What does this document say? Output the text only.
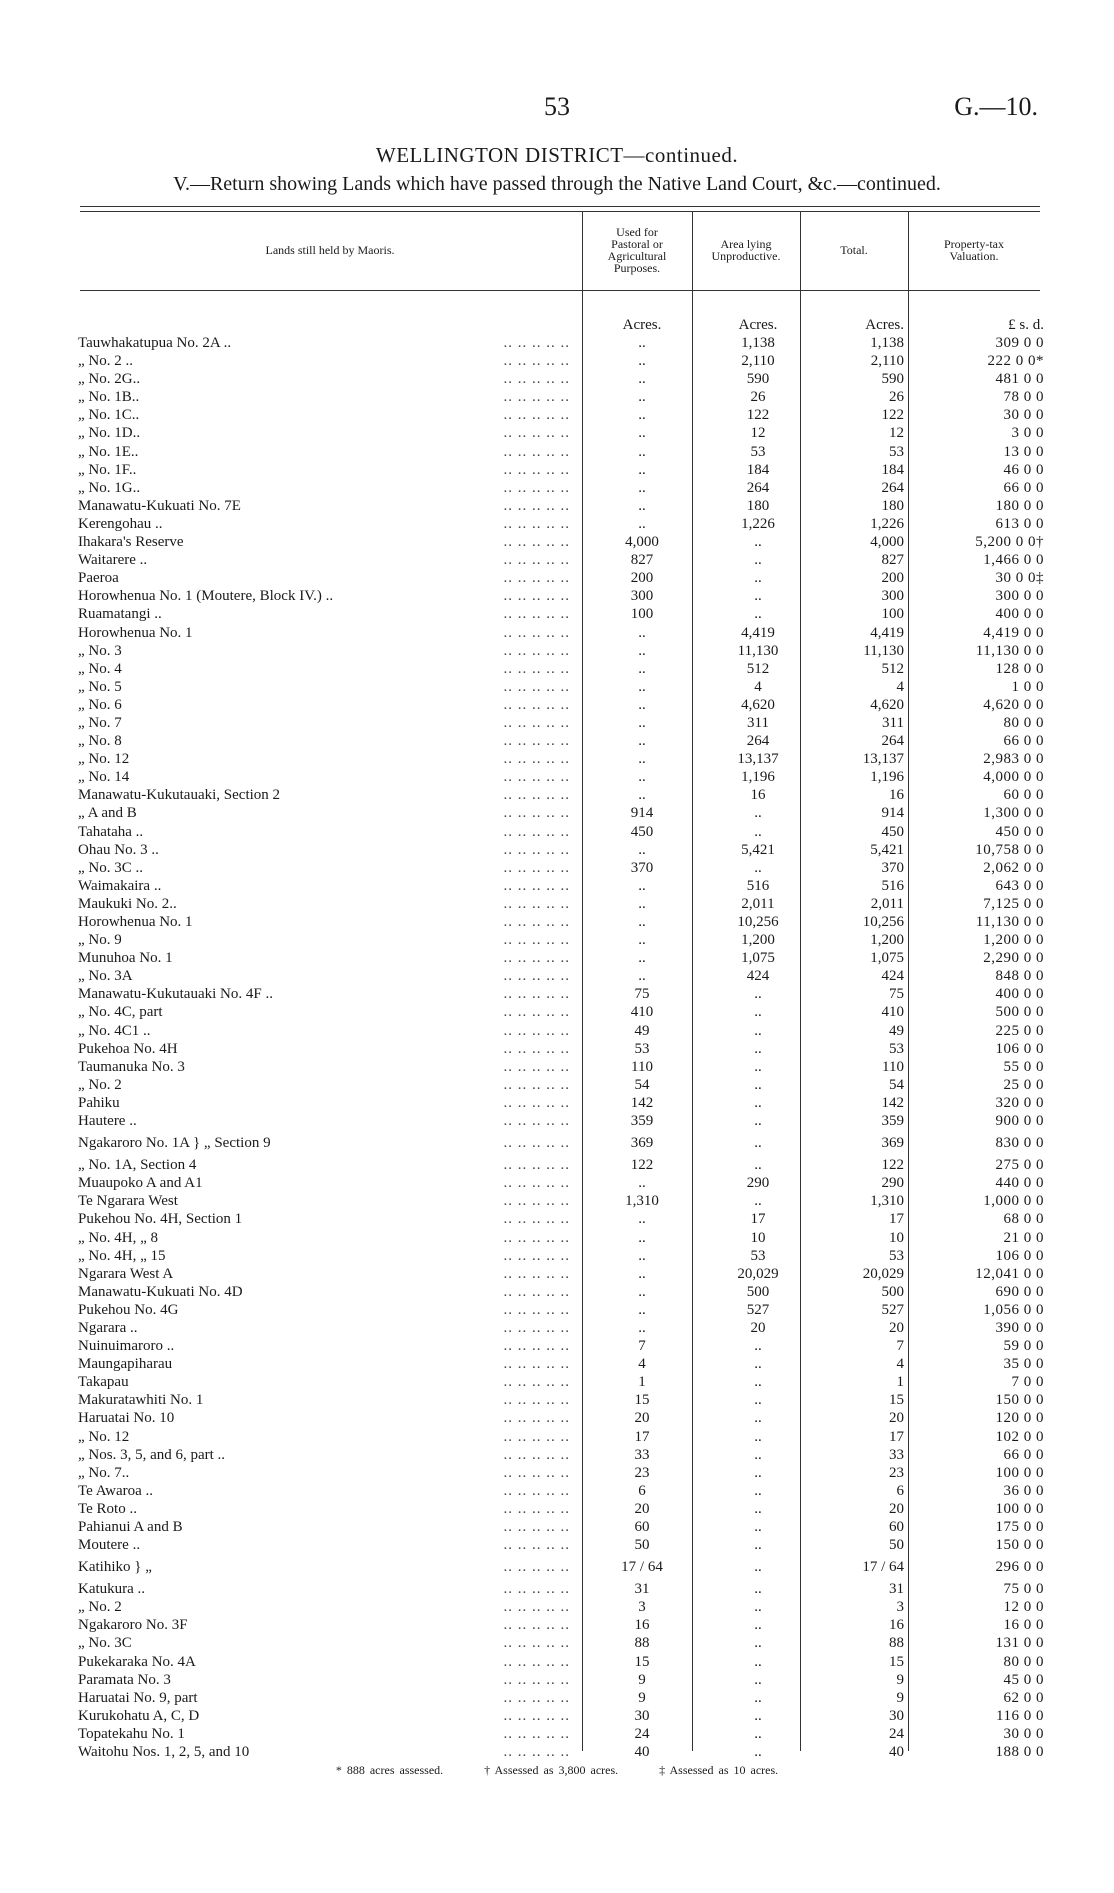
53	G.—10.
WELLINGTON DISTRICT—continued.
V.—Return showing Lands which have passed through the Native Land Court, &c.—continued.
Lands still held by Maoris.
Used for
Pastoral or
Agricultural
Purposes.
Area lying
Unproductive.	Total.	Property-tax
Valuation.
Acres.	Acres.	Acres.	£ s. d.
Tauwhakatupua No. 2A ..	.. .. .. .. ..	..	1,138	1,138	309 0 0
„ No. 2 ..	.. .. .. .. ..	..	2,110	2,110	222 0 0*
„ No. 2G..	.. .. .. .. ..	..	590	590	481 0 0
„ No. 1B..	.. .. .. .. ..	..	26	26	78 0 0
„ No. 1C..	.. .. .. .. ..	..	122	122	30 0 0
„ No. 1D..	.. .. .. .. ..	..	12	12	3 0 0
„ No. 1E..	.. .. .. .. ..	..	53	53	13 0 0
„ No. 1F..	.. .. .. .. ..	..	184	184	46 0 0
„ No. 1G..	.. .. .. .. ..	..	264	264	66 0 0
Manawatu-Kukuati No. 7E	.. .. .. .. ..	..	180	180	180 0 0
Kerengohau ..	.. .. .. .. ..	..	1,226	1,226	613 0 0
Ihakara's Reserve	.. .. .. .. ..	4,000	..	4,000	5,200 0 0†
Waitarere ..	.. .. .. .. ..	827	..	827	1,466 0 0
Paeroa	.. .. .. .. ..	200	..	200	30 0 0‡
Horowhenua No. 1 (Moutere, Block IV.) ..	.. .. .. .. ..	300	..	300	300 0 0
Ruamatangi ..	.. .. .. .. ..	100	..	100	400 0 0
Horowhenua No. 1	.. .. .. .. ..	..	4,419	4,419	4,419 0 0
„ No. 3	.. .. .. .. ..	..	11,130	11,130	11,130 0 0
„ No. 4	.. .. .. .. ..	..	512	512	128 0 0
„ No. 5	.. .. .. .. ..	..	4	4	1 0 0
„ No. 6	.. .. .. .. ..	..	4,620	4,620	4,620 0 0
„ No. 7	.. .. .. .. ..	..	311	311	80 0 0
„ No. 8	.. .. .. .. ..	..	264	264	66 0 0
„ No. 12	.. .. .. .. ..	..	13,137	13,137	2,983 0 0
„ No. 14	.. .. .. .. ..	..	1,196	1,196	4,000 0 0
Manawatu-Kukutauaki, Section 2	.. .. .. .. ..	..	16	16	60 0 0
„ A and B	.. .. .. .. ..	914	..	914	1,300 0 0
Tahataha ..	.. .. .. .. ..	450	..	450	450 0 0
Ohau No. 3 ..	.. .. .. .. ..	..	5,421	5,421	10,758 0 0
„ No. 3C ..	.. .. .. .. ..	370	..	370	2,062 0 0
Waimakaira ..	.. .. .. .. ..	..	516	516	643 0 0
Maukuki No. 2..	.. .. .. .. ..	..	2,011	2,011	7,125 0 0
Horowhenua No. 1	.. .. .. .. ..	..	10,256	10,256	11,130 0 0
„ No. 9	.. .. .. .. ..	..	1,200	1,200	1,200 0 0
Munuhoa No. 1	.. .. .. .. ..	..	1,075	1,075	2,290 0 0
„ No. 3A	.. .. .. .. ..	..	424	424	848 0 0
Manawatu-Kukutauaki No. 4F ..	.. .. .. .. ..	75	..	75	400 0 0
„ No. 4C, part	.. .. .. .. ..	410	..	410	500 0 0
„ No. 4C1 ..	.. .. .. .. ..	49	..	49	225 0 0
Pukehoa No. 4H	.. .. .. .. ..	53	..	53	106 0 0
Taumanuka No. 3	.. .. .. .. ..	110	..	110	55 0 0
„ No. 2	.. .. .. .. ..	54	..	54	25 0 0
Pahiku	.. .. .. .. ..	142	..	142	320 0 0
Hautere ..	.. .. .. .. ..	359	..	359	900 0 0
Ngakaroro No. 1A } „ Section 9	.. .. .. .. ..	369	..	369	830 0 0
„ No. 1A, Section 4	.. .. .. .. ..	122	..	122	275 0 0
Muaupoko A and A1	.. .. .. .. ..	..	290	290	440 0 0
Te Ngarara West	.. .. .. .. ..	1,310	..	1,310	1,000 0 0
Pukehou No. 4H, Section 1	.. .. .. .. ..	..	17	17	68 0 0
„ No. 4H, „ 8	.. .. .. .. ..	..	10	10	21 0 0
„ No. 4H, „ 15	.. .. .. .. ..	..	53	53	106 0 0
Ngarara West A	.. .. .. .. ..	..	20,029	20,029	12,041 0 0
Manawatu-Kukuati No. 4D	.. .. .. .. ..	..	500	500	690 0 0
Pukehou No. 4G	.. .. .. .. ..	..	527	527	1,056 0 0
Ngarara ..	.. .. .. .. ..	..	20	20	390 0 0
Nuinuimaroro ..	.. .. .. .. ..	7	..	7	59 0 0
Maungapiharau	.. .. .. .. ..	4	..	4	35 0 0
Takapau	.. .. .. .. ..	1	..	1	7 0 0
Makuratawhiti No. 1	.. .. .. .. ..	15	..	15	150 0 0
Haruatai No. 10	.. .. .. .. ..	20	..	20	120 0 0
„ No. 12	.. .. .. .. ..	17	..	17	102 0 0
„ Nos. 3, 5, and 6, part ..	.. .. .. .. ..	33	..	33	66 0 0
„ No. 7..	.. .. .. .. ..	23	..	23	100 0 0
Te Awaroa ..	.. .. .. .. ..	6	..	6	36 0 0
Te Roto ..	.. .. .. .. ..	20	..	20	100 0 0
Pahianui A and B	.. .. .. .. ..	60	..	60	175 0 0
Moutere ..	.. .. .. .. ..	50	..	50	150 0 0
Katihiko } „	.. .. .. .. ..	17 / 64	..	17 / 64	296 0 0
Katukura ..	.. .. .. .. ..	31	..	31	75 0 0
„ No. 2	.. .. .. .. ..	3	..	3	12 0 0
Ngakaroro No. 3F	.. .. .. .. ..	16	..	16	16 0 0
„ No. 3C	.. .. .. .. ..	88	..	88	131 0 0
Pukekaraka No. 4A	.. .. .. .. ..	15	..	15	80 0 0
Paramata No. 3	.. .. .. .. ..	9	..	9	45 0 0
Haruatai No. 9, part	.. .. .. .. ..	9	..	9	62 0 0
Kurukohatu A, C, D	.. .. .. .. ..	30	..	30	116 0 0
Topatekahu No. 1	.. .. .. .. ..	24	..	24	30 0 0
Waitohu Nos. 1, 2, 5, and 10	.. .. .. .. ..	40	..	40	188 0 0
* 888 acres assessed.	† Assessed as 3,800 acres.	‡ Assessed as 10 acres.
